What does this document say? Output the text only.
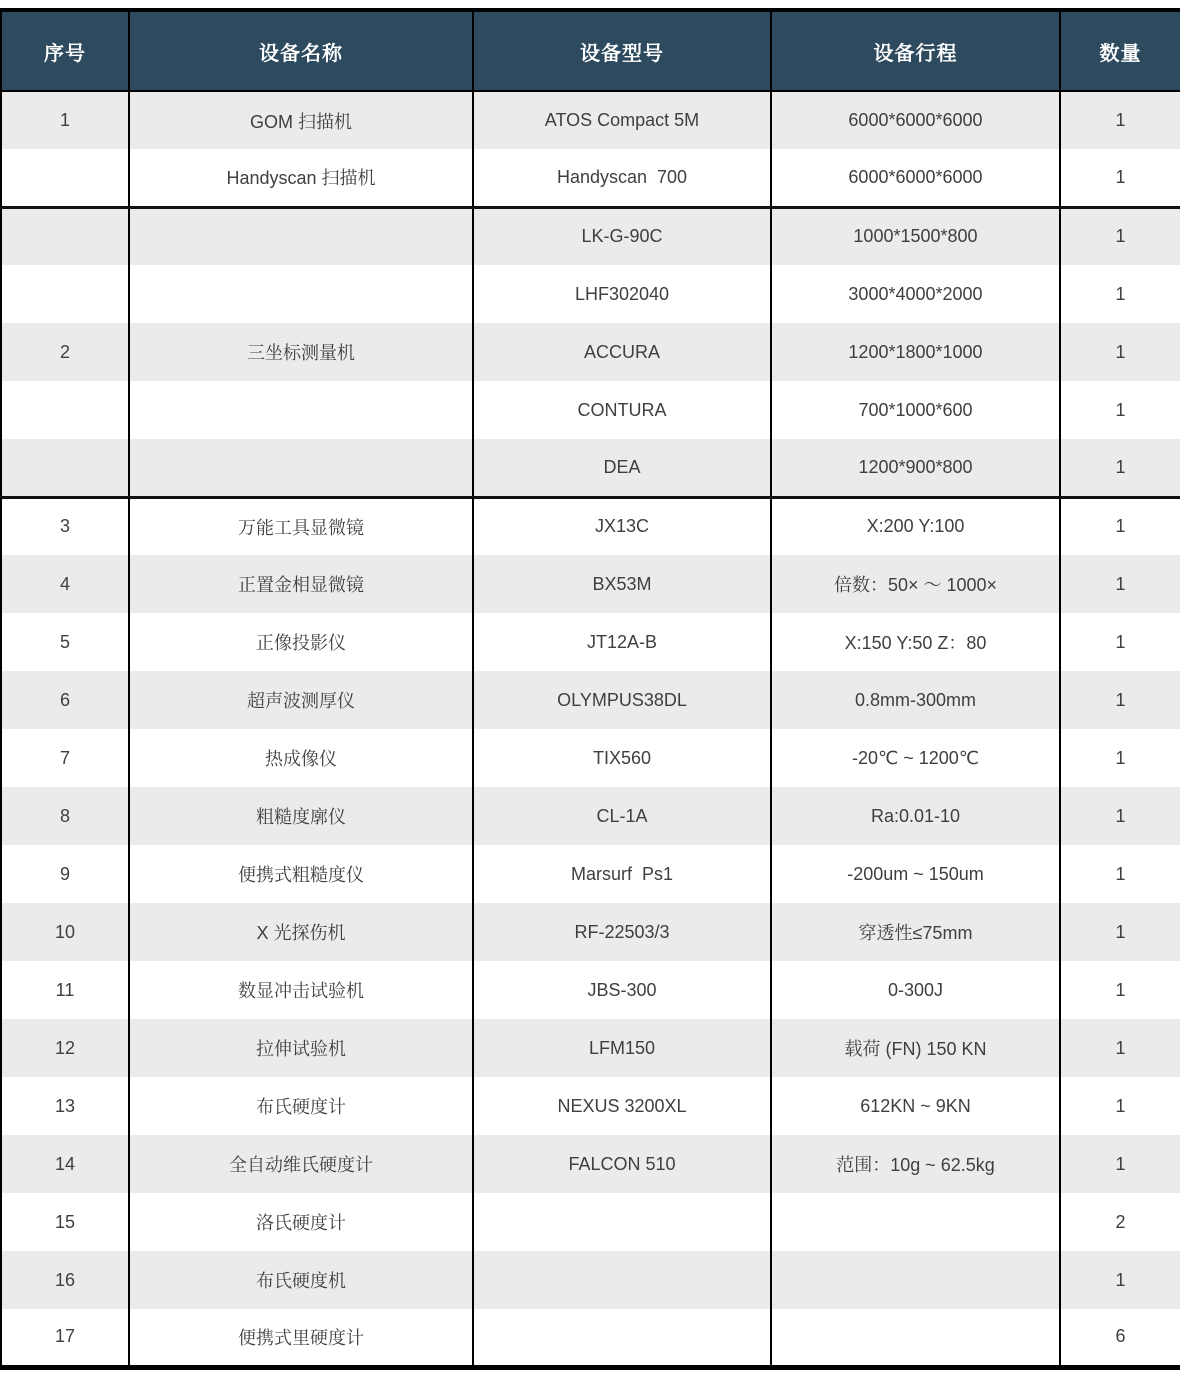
序号	设备名称	设备型号	设备行程	数量
1	GOM 扫描机	ATOS Compact 5M	6000*6000*6000	1
	Handyscan 扫描机	Handyscan  700	6000*6000*6000	1
		LK-G-90C	1000*1500*800	1
		LHF302040	3000*4000*2000	1
2	三坐标测量机	ACCURA	1200*1800*1000	1
		CONTURA	700*1000*600	1
		DEA	1200*900*800	1
3	万能工具显微镜	JX13C	X:200 Y:100	1
4	正置金相显微镜	BX53M	倍数：50× ～ 1000×	1
5	正像投影仪	JT12A-B	X:150 Y:50 Z：80	1
6	超声波测厚仪	OLYMPUS38DL	0.8mm-300mm	1
7	热成像仪	TIX560	-20℃ ~ 1200℃	1
8	粗糙度廓仪	CL-1A	Ra:0.01-10	1
9	便携式粗糙度仪	Marsurf  Ps1	-200um ~ 150um	1
10	X 光探伤机	RF-22503/3	穿透性≤75mm	1
11	数显冲击试验机	JBS-300	0-300J	1
12	拉伸试验机	LFM150	载荷 (FN) 150 KN	1
13	布氏硬度计	NEXUS 3200XL	612KN ~ 9KN	1
14	全自动维氏硬度计	FALCON 510	范围：10g ~ 62.5kg	1
15	洛氏硬度计			2
16	布氏硬度机			1
17	便携式里硬度计			6
